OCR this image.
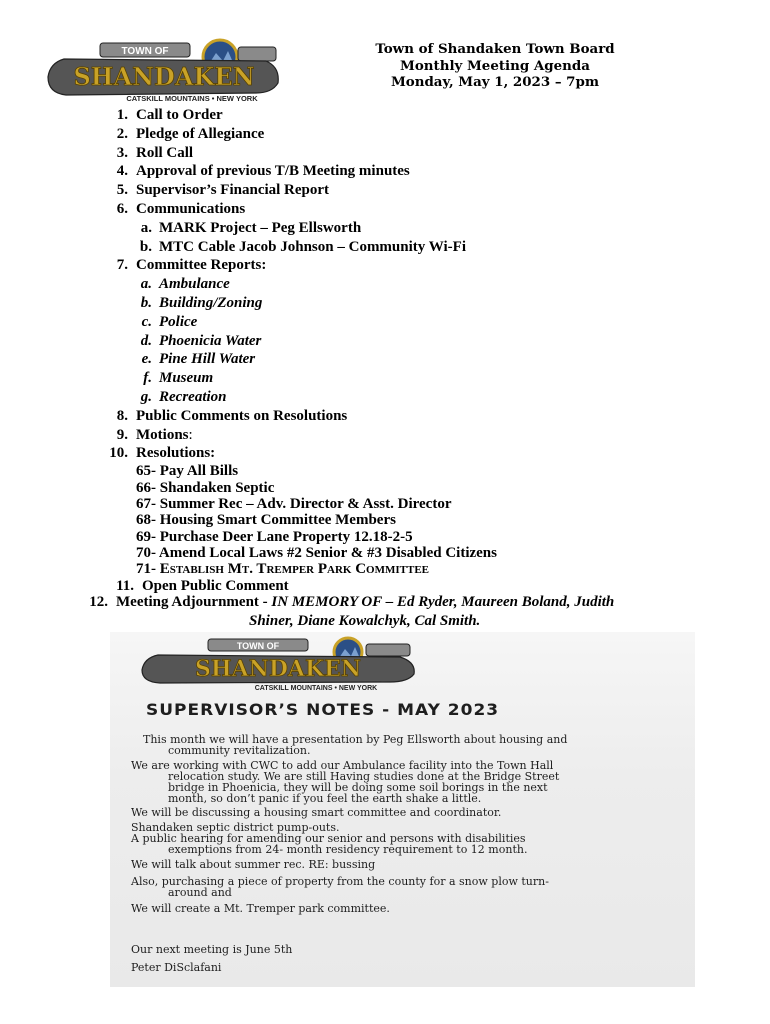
TOWN OF
SHANDAKEN
CATSKILL MOUNTAINS • NEW YORK
Town of Shandaken Town Board
Monthly Meeting Agenda
Monday, May 1, 2023 – 7pm
1. Call to Order
2. Pledge of Allegiance
3. Roll Call
4. Approval of previous T/B Meeting minutes
5. Supervisor’s Financial Report
6. Communications
a. MARK Project – Peg Ellsworth
b. MTC Cable Jacob Johnson – Community Wi-Fi
7. Committee Reports:
a. Ambulance
b. Building/Zoning
c. Police
d. Phoenicia Water
e. Pine Hill Water
f. Museum
g. Recreation
8. Public Comments on Resolutions
9. Motions:
10. Resolutions:
65- Pay All Bills
66- Shandaken Septic
67- Summer Rec – Adv. Director & Asst. Director
68- Housing Smart Committee Members
69- Purchase Deer Lane Property 12.18-2-5
70- Amend Local Laws #2 Senior & #3 Disabled Citizens
71- Establish Mt. Tremper Park Committee
11. Open Public Comment
12. Meeting Adjournment - IN MEMORY OF – Ed Ryder, Maureen Boland, Judith
Shiner, Diane Kowalchyk, Cal Smith.
TOWN OF
SHANDAKEN
CATSKILL MOUNTAINS • NEW YORK
SUPERVISOR’S NOTES - MAY 2023
This month we will have a presentation by Peg Ellsworth about housing and
community revitalization.
We are working with CWC to add our Ambulance facility into the Town Hall
relocation study. We are still Having studies done at the Bridge Street
bridge in Phoenicia, they will be doing some soil borings in the next
month, so don’t panic if you feel the earth shake a little.
We will be discussing a housing smart committee and coordinator.
Shandaken septic district pump-outs.
A public hearing for amending our senior and persons with disabilities
exemptions from 24- month residency requirement to 12 month.
We will talk about summer rec. RE: bussing
Also, purchasing a piece of property from the county for a snow plow turn-
around and
We will create a Mt. Tremper park committee.
Our next meeting is June 5th
Peter DiSclafani
